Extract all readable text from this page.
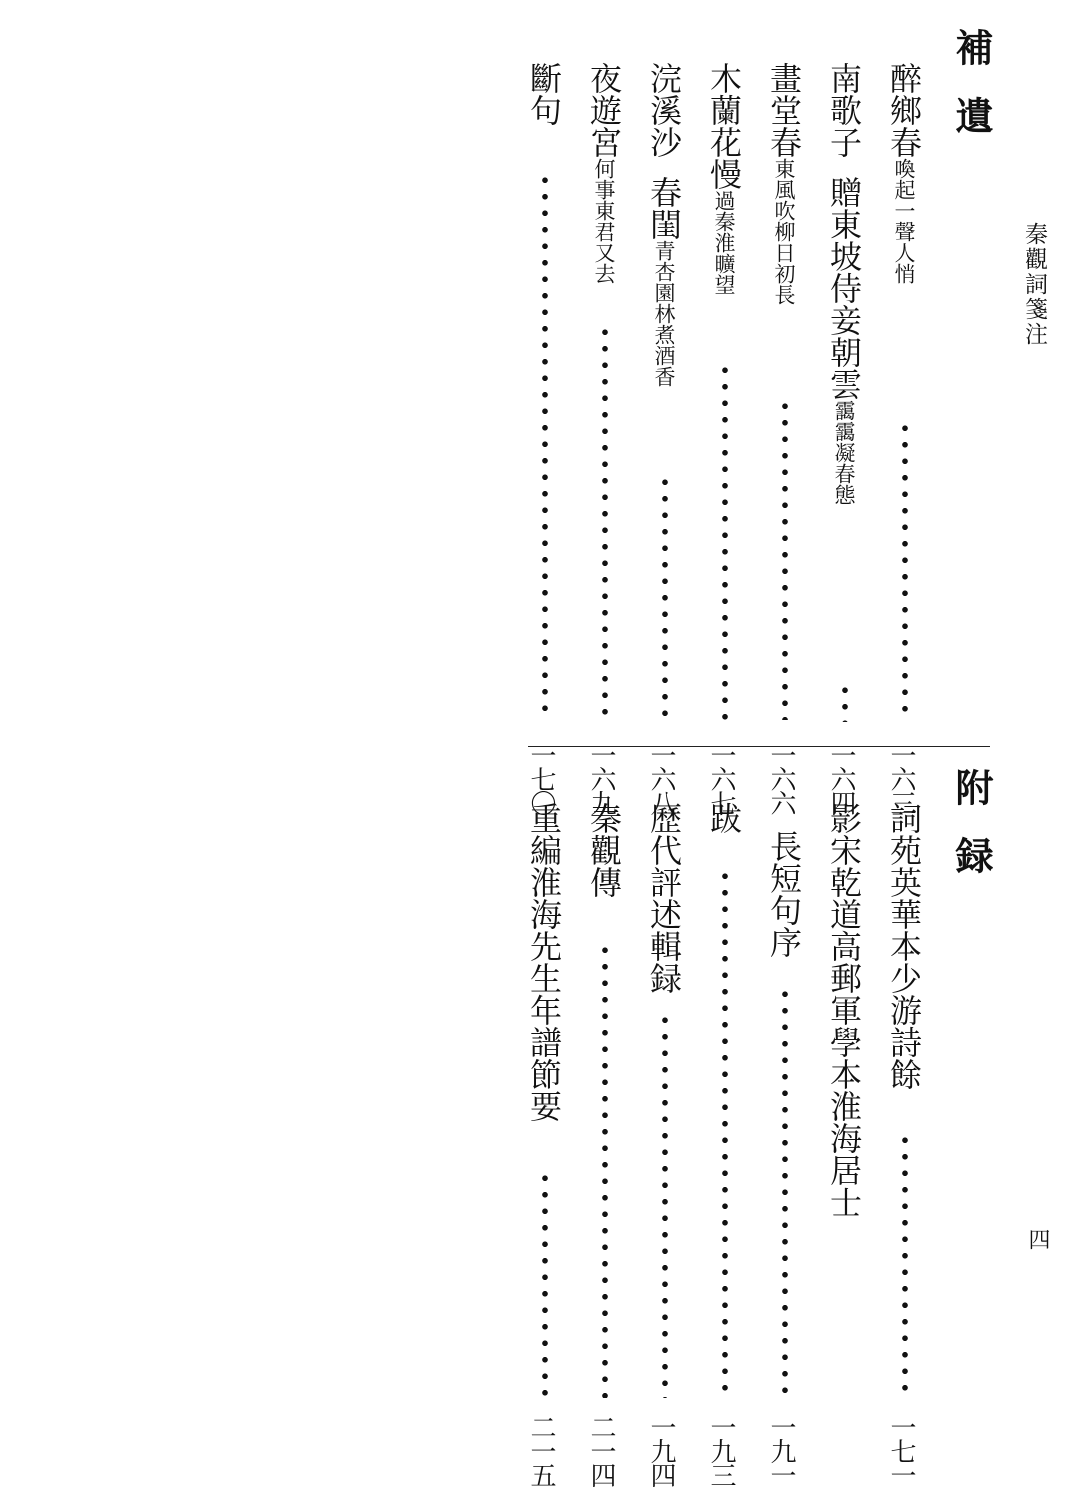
秦觀詞箋注
四
補遺
醉鄉春喚起一聲人悄
一六三
南歌子贈東坡侍妾朝雲靄靄凝春態
一六四
畫堂春東風吹柳日初長
一六六
木蘭花慢過秦淮曠望
一六七
浣溪沙春閨青杏園林煮酒香
一六八
夜遊宮何事東君又去
一六九
斷句
一七〇	附録
詞苑英華本少游詩餘
一七一
影宋乾道高郵軍學本淮海居士
長短句序
一九一
跋
一九三
歷代評述輯録
一九四
秦觀傳
二一四
重編淮海先生年譜節要
二一五
